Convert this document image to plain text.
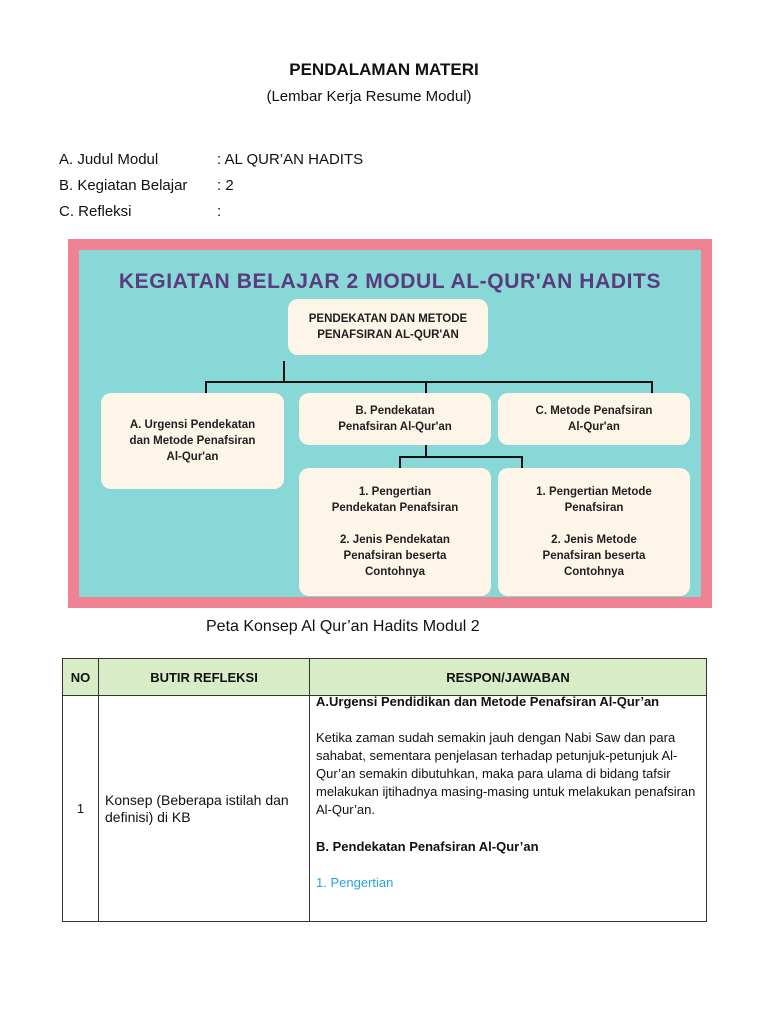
PENDALAMAN MATERI
(Lembar Kerja Resume Modul)
A. Judul Modul	: AL QUR’AN HADITS
B. Kegiatan Belajar : 2
C. Refleksi	:
KEGIATAN BELAJAR 2 MODUL AL-QUR'AN HADITS
PENDEKATAN DAN METODE
PENAFSIRAN AL-QUR'AN
A. Urgensi Pendekatan
dan Metode Penafsiran
Al-Qur'an
B. Pendekatan
Penafsiran Al-Qur'an
C. Metode Penafsiran
Al-Qur'an
1. Pengertian
Pendekatan Penafsiran

2. Jenis Pendekatan
Penafsiran beserta
Contohnya
1. Pengertian Metode
Penafsiran

2. Jenis Metode
Penafsiran beserta
Contohnya
Peta Konsep Al Qur’an Hadits Modul 2
NO	BUTIR REFLEKSI	RESPON/JAWABAN
1	Konsep (Beberapa istilah dan definisi) di KB	A.Urgensi Pendidikan dan Metode Penafsiran Al-Qur’an

Ketika zaman sudah semakin jauh dengan Nabi Saw dan para sahabat, sementara penjelasan terhadap petunjuk-petunjuk Al-Qur’an semakin dibutuhkan, maka para ulama di bidang tafsir melakukan ijtihadnya masing-masing untuk melakukan penafsiran Al-Qur’an.

B. Pendekatan Penafsiran Al-Qur’an

1. Pengertian
